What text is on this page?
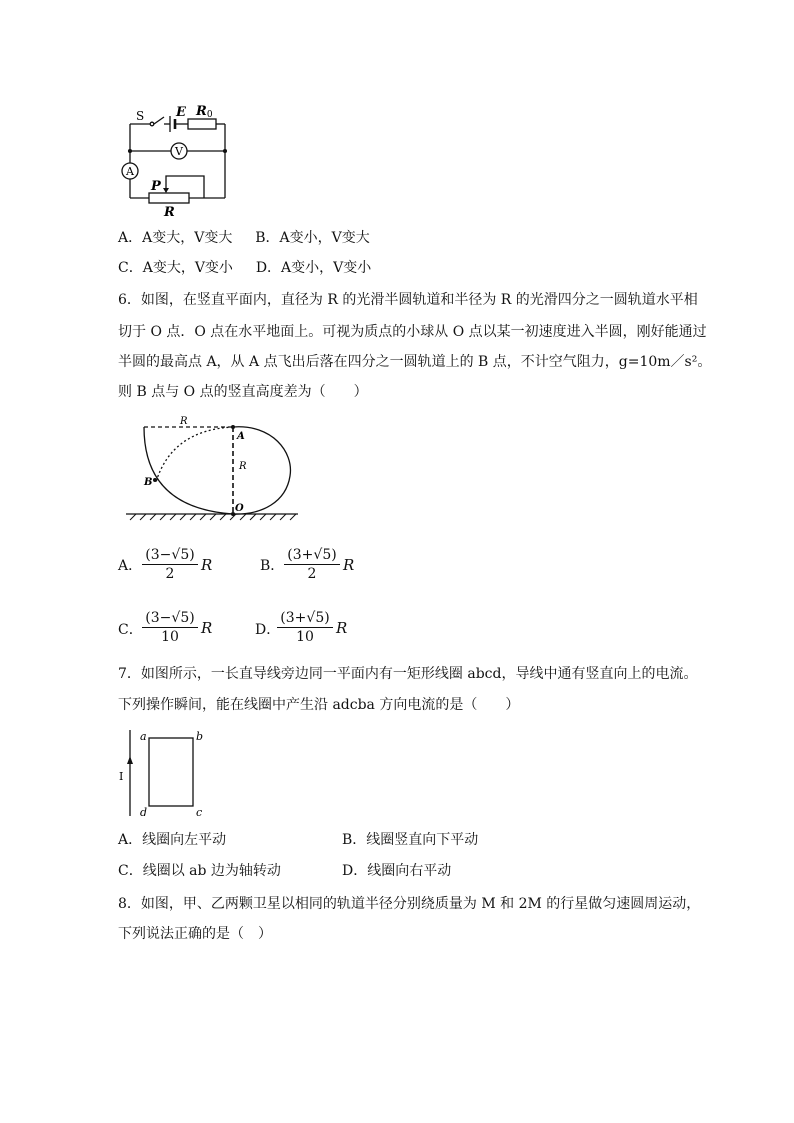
S E R0
V
A
P
R
A．A变大，V变大 　 B．A变小，V变大
C．A变大，V变小 　 D．A变小，V变小
6．如图，在竖直平面内，直径为 R 的光滑半圆轨道和半径为 R 的光滑四分之一圆轨道水平相
切于 O 点．O 点在水平地面上。可视为质点的小球从 O 点以某一初速度进入半圆，刚好能通过
半圆的最高点 A，从 A 点飞出后落在四分之一圆轨道上的 B 点，不计空气阻力，g=10m／s²。
则 B 点与 O 点的竖直高度差为（　　）
R
A
R
B
O
A． $\frac{(3-√5)}{2}$ R	B． $\frac{(3+√5)}{2}$ R
C． $\frac{(3-√5)}{10}$ R	D．
$\frac{(3+√5)}{10}$ R
7．如图所示，一长直导线旁边同一平面内有一矩形线圈 abcd，导线中通有竖直向上的电流。
下列操作瞬间，能在线圈中产生沿 adcba 方向电流的是（　　）
I
a	b
c
d
A．线圈向左平动	B．线圈竖直向下平动
C．线圈以 ab 边为轴转动	D．线圈向右平动
8．如图，甲、乙两颗卫星以相同的轨道半径分别绕质量为 M 和 2M 的行星做匀速圆周运动，
下列说法正确的是（　）
